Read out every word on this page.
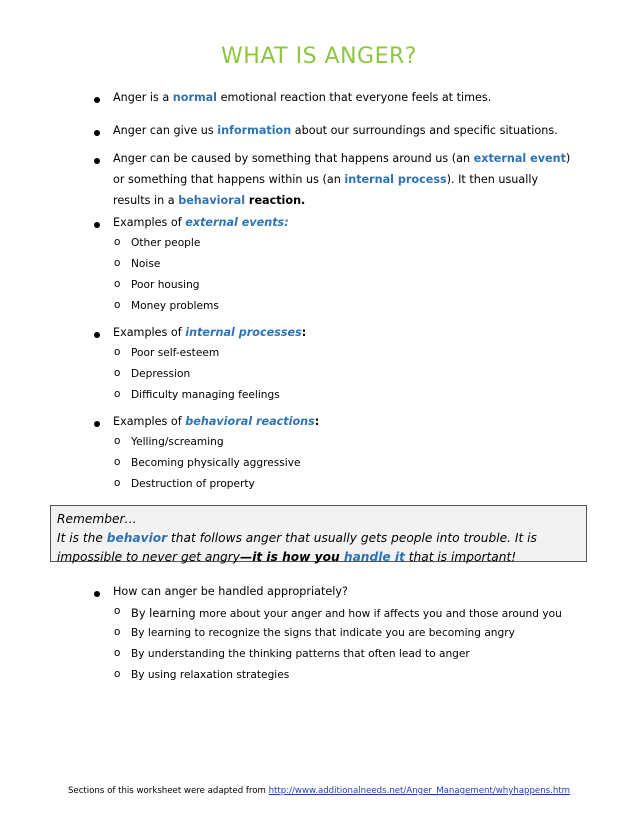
WHAT IS ANGER?
Anger is a normal emotional reaction that everyone feels at times.
Anger can give us information about our surroundings and specific situations.
Anger can be caused by something that happens around us (an external event) or something that happens within us (an internal process). It then usually results in a behavioral reaction.
Examples of external events:
o Other people
o Noise
o Poor housing
o Money problems
Examples of internal processes:
o Poor self-esteem
o Depression
o Difficulty managing feelings
Examples of behavioral reactions:
o Yelling/screaming
o Becoming physically aggressive
o Destruction of property
Remember…
It is the behavior that follows anger that usually gets people into trouble. It is impossible to never get angry—it is how you handle it that is important!
How can anger be handled appropriately?
o By learning more about your anger and how if affects you and those around you
o By learning to recognize the signs that indicate you are becoming angry
o By understanding the thinking patterns that often lead to anger
o By using relaxation strategies
Sections of this worksheet were adapted from http://www.additionalneeds.net/Anger_Management/whyhappens.htm
